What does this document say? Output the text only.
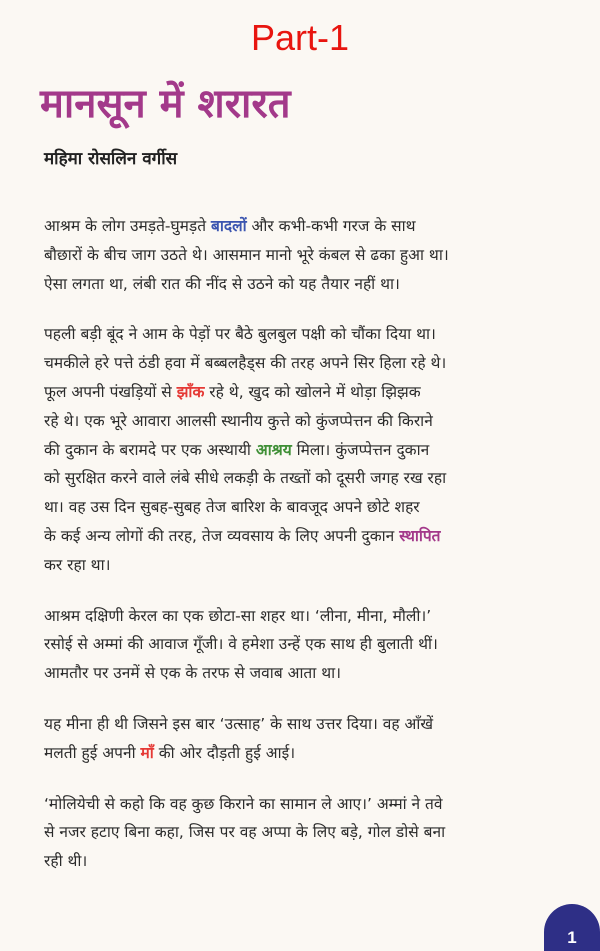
Part-1
मानसून में शरारत
महिमा रोसलिन वर्गीस

आश्रम के लोग उमड़ते-घुमड़ते बादलों और कभी-कभी गरज के साथ
बौछारों के बीच जाग उठते थे। आसमान मानो भूरे कंबल से ढका हुआ था।
ऐसा लगता था, लंबी रात की नींद से उठने को यह तैयार नहीं था।

पहली बड़ी बूंद ने आम के पेड़ों पर बैठे बुलबुल पक्षी को चौंका दिया था।
चमकीले हरे पत्ते ठंडी हवा में बब्बलहैड्स की तरह अपने सिर हिला रहे थे।
फूल अपनी पंखड़ियों से झाँक रहे थे, खुद को खोलने में थोड़ा झिझक
रहे थे। एक भूरे आवारा आलसी स्थानीय कुत्ते को कुंजप्पेत्तन की किराने
की दुकान के बरामदे पर एक अस्थायी आश्रय मिला। कुंजप्पेत्तन दुकान
को सुरक्षित करने वाले लंबे सीधे लकड़ी के तख्तों को दूसरी जगह रख रहा
था। वह उस दिन सुबह-सुबह तेज बारिश के बावजूद अपने छोटे शहर
के कई अन्य लोगों की तरह, तेज व्यवसाय के लिए अपनी दुकान स्थापित
कर रहा था।

आश्रम दक्षिणी केरल का एक छोटा-सा शहर था। ‘लीना, मीना, मौली।’
रसोई से अम्मां की आवाज गूँजी। वे हमेशा उन्हें एक साथ ही बुलाती थीं।
आमतौर पर उनमें से एक के तरफ से जवाब आता था।

यह मीना ही थी जिसने इस बार ‘उत्साह’ के साथ उत्तर दिया। वह आँखें
मलती हुई अपनी माँ की ओर दौड़ती हुई आई।

‘मोलियेची से कहो कि वह कुछ किराने का सामान ले आए।’ अम्मां ने तवे
से नजर हटाए बिना कहा, जिस पर वह अप्पा के लिए बड़े, गोल डोसे बना
रही थी।

1
